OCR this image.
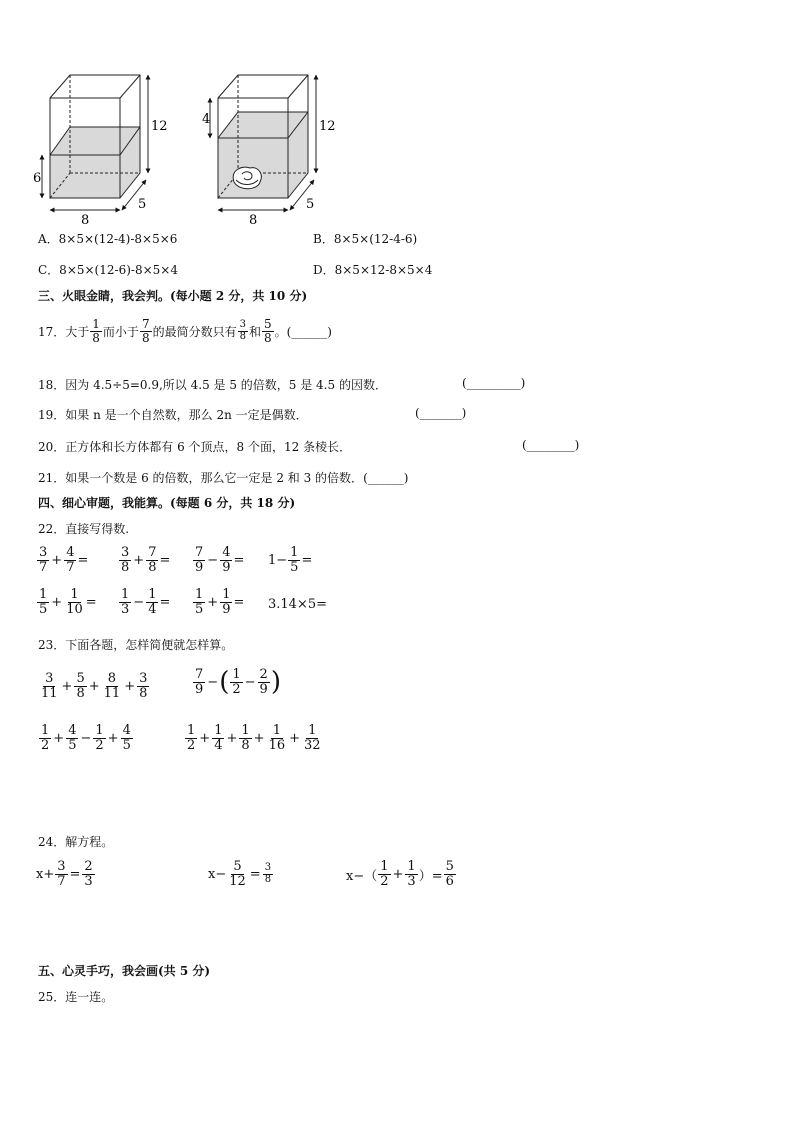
12
6
8
5
12
4
8
5
A．8×5×(12-4)-8×5×6	B．8×5×(12-4-6)
C．8×5×(12-6)-8×5×4	D．8×5×12-8×5×4
三、火眼金睛，我会判。(每小题 2 分，共 10 分)
17．大于 $\frac{1}{8}$ 而小于 $\frac{7}{8}$ 的最简分数只有 $\frac{3}{8}$ 和 $\frac{5}{8}$ 。(______)
18．因为 4.5÷5=0.9,所以 4.5 是 5 的倍数，5 是 4.5 的因数．	(_________)
19．如果 n 是一个自然数，那么 2n 一定是偶数．	(_______)
20．正方体和长方体都有 6 个顶点，8 个面，12 条棱长．	(________)
21．如果一个数是 6 的倍数，那么它一定是 2 和 3 的倍数．(______)
四、细心审题，我能算。(每题 6 分，共 18 分)
22．直接写得数.
$\frac{3}{7} + \frac{4}{7} = \frac{3}{8} + \frac{7}{8} = \frac{7}{9} - \frac{4}{9} = 1- \frac{1}{5}$ =
$\frac{1}{5} + \frac{1}{10} = \frac{1}{3} - \frac{1}{4} = \frac{1}{5} + \frac{1}{9} = 3.14\times 5=$
23．下面各题，怎样简便就怎样算。
$\frac{3}{11} + \frac{5}{8} + \frac{8}{11} + \frac{3}{8}$	$\frac{7}{9}$ − ( $\frac{1}{2} - \frac{2}{9}$ )
$\frac{1}{2} + \frac{4}{5} - \frac{1}{2} + \frac{4}{5}$	$\frac{1}{2} + \frac{1}{4} + \frac{1}{8} + \frac{1}{16} + \frac{1}{32}$
24．解方程。
$x+ \frac{3}{7} = \frac{2}{3}$	$x- \frac{5}{12} = \frac{3}{8}$	$x-( \frac{1}{2} + \frac{1}{3}$ ）= $\frac{5}{6}$
五、心灵手巧，我会画(共 5 分)
25．连一连。
